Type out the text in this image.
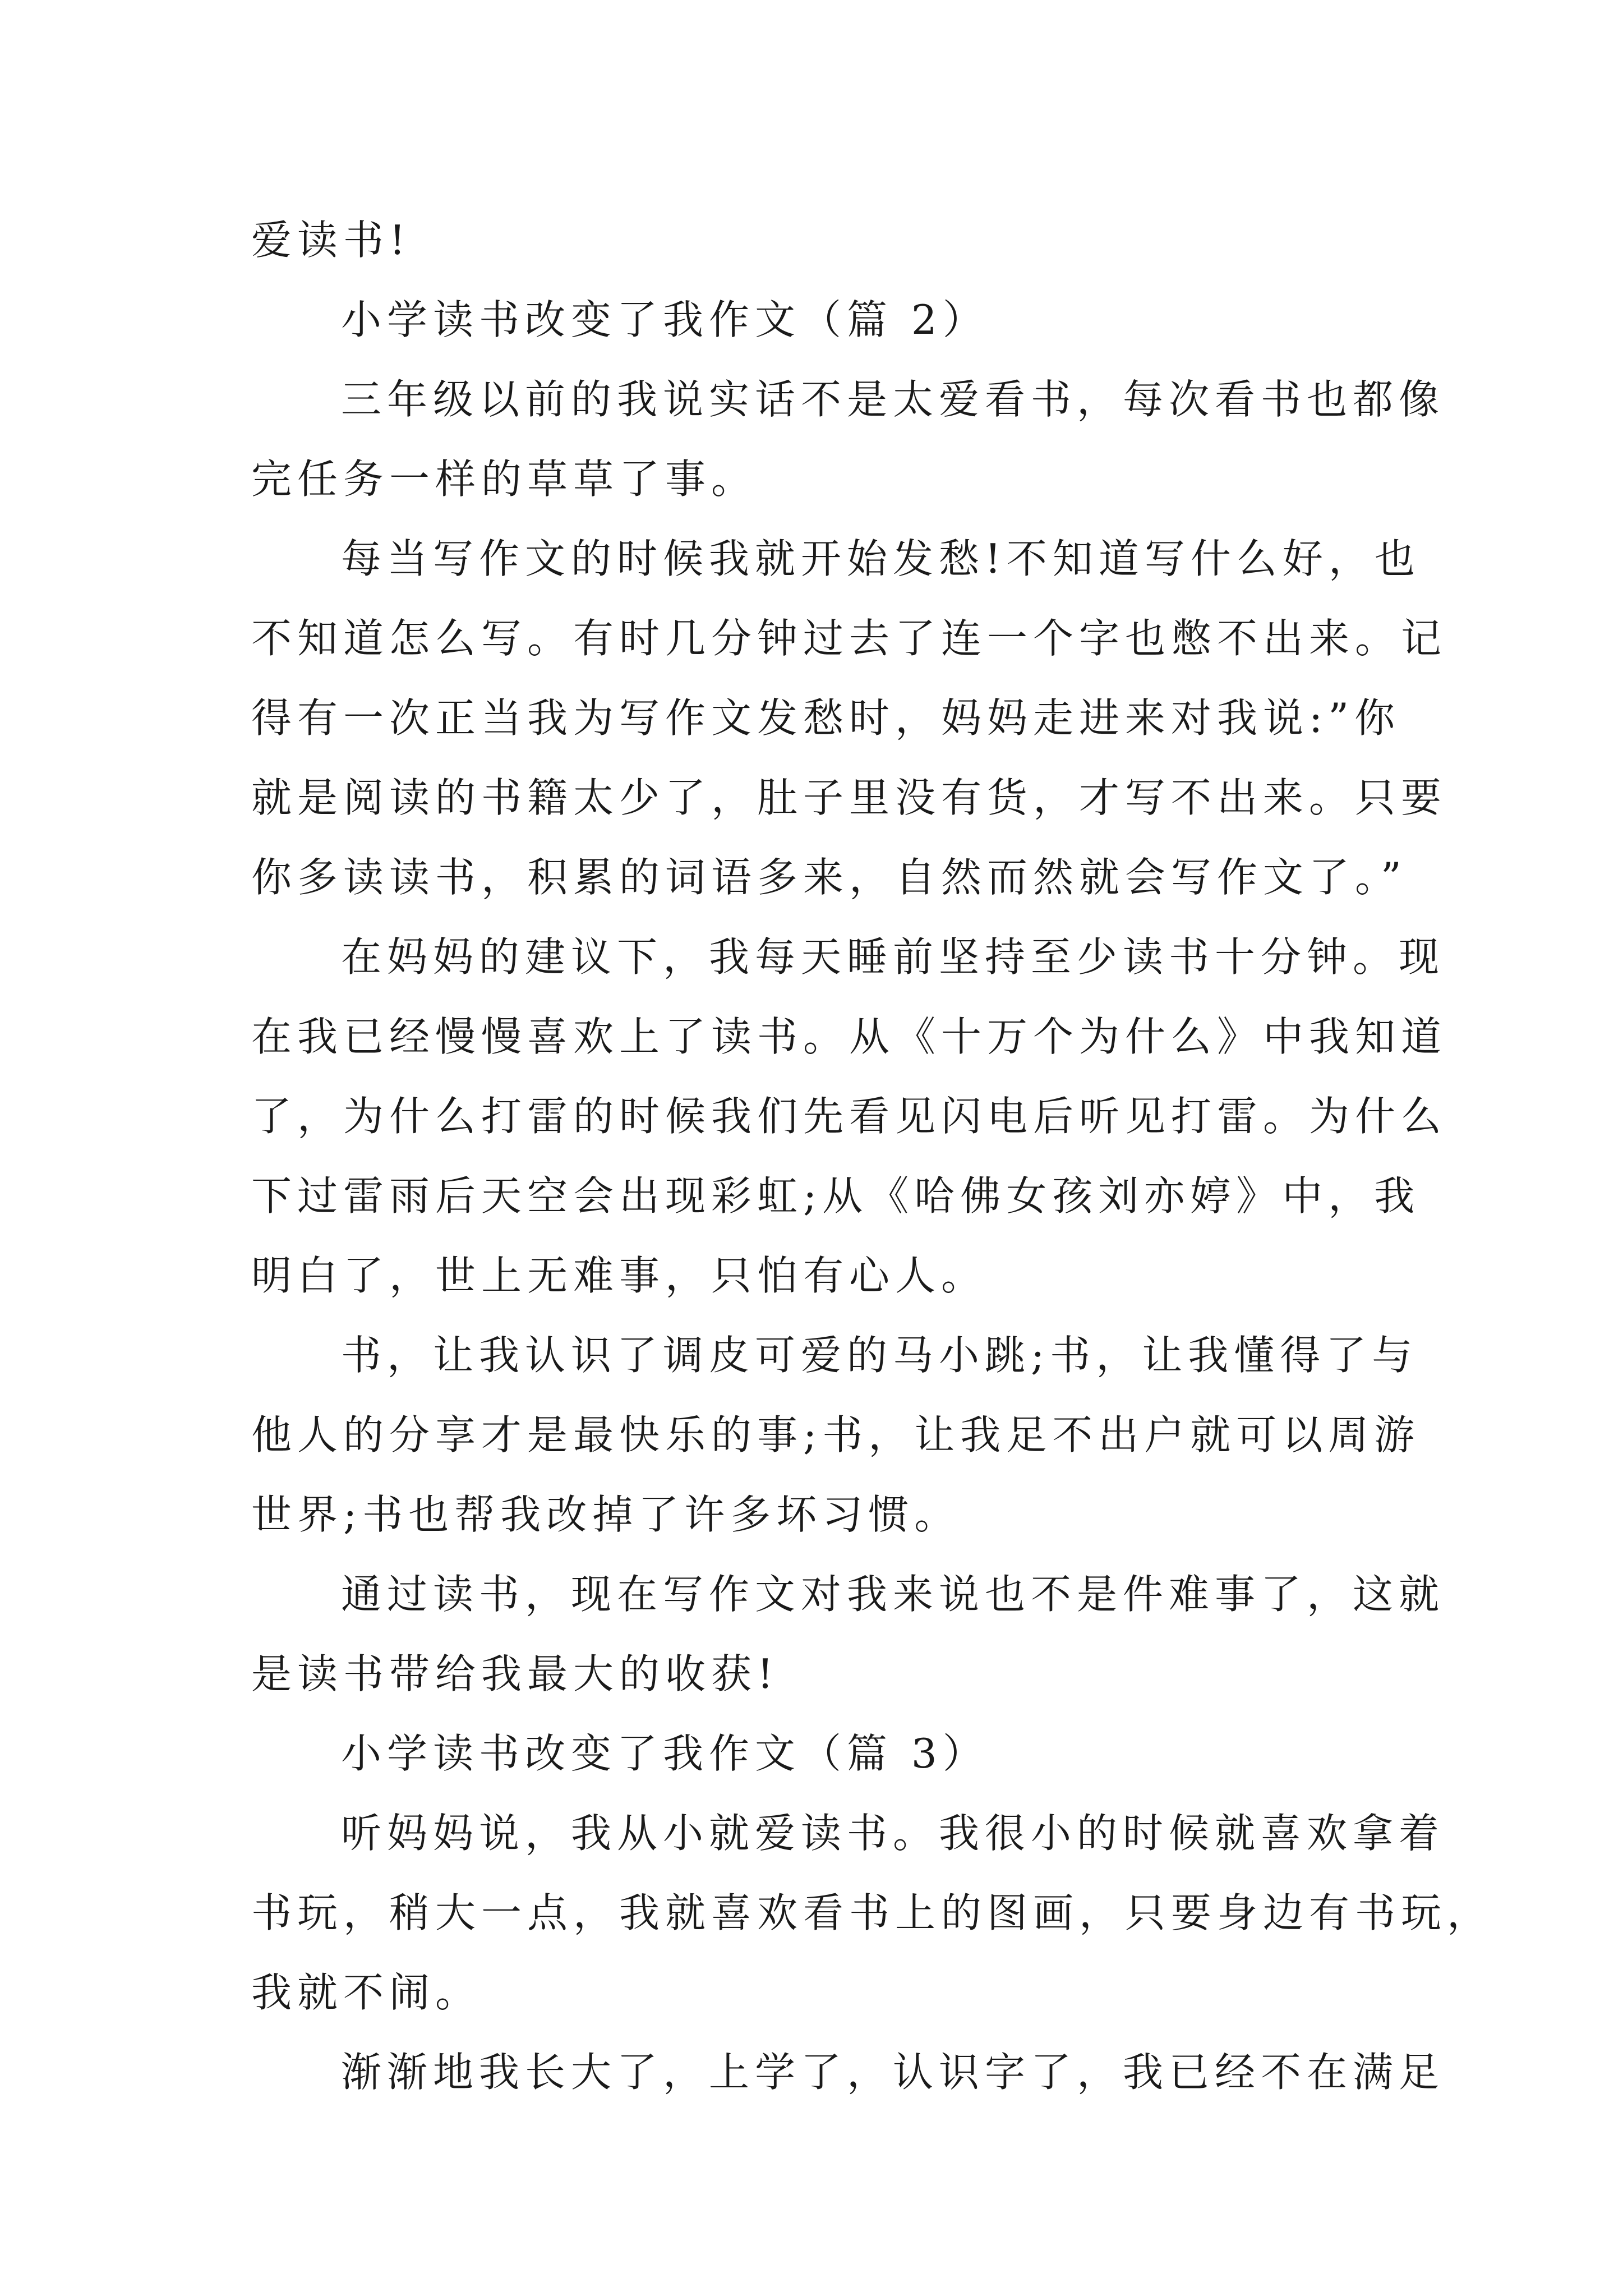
爱读书!

小学读书改变了我作文（篇 2）

三年级以前的我说实话不是太爱看书，每次看书也都像

完任务一样的草草了事。

每当写作文的时候我就开始发愁!不知道写什么好，也

不知道怎么写。有时几分钟过去了连一个字也憋不出来。记

得有一次正当我为写作文发愁时，妈妈走进来对我说:”你

就是阅读的书籍太少了，肚子里没有货，才写不出来。只要

你多读读书，积累的词语多来，自然而然就会写作文了。”

在妈妈的建议下，我每天睡前坚持至少读书十分钟。现

在我已经慢慢喜欢上了读书。从《十万个为什么》中我知道

了，为什么打雷的时候我们先看见闪电后听见打雷。为什么

下过雷雨后天空会出现彩虹;从《哈佛女孩刘亦婷》中，我

明白了，世上无难事，只怕有心人。

书，让我认识了调皮可爱的马小跳;书，让我懂得了与

他人的分享才是最快乐的事;书，让我足不出户就可以周游

世界;书也帮我改掉了许多坏习惯。

通过读书，现在写作文对我来说也不是件难事了，这就

是读书带给我最大的收获!

小学读书改变了我作文（篇 3）

听妈妈说，我从小就爱读书。我很小的时候就喜欢拿着

书玩，稍大一点，我就喜欢看书上的图画，只要身边有书玩，

我就不闹。

渐渐地我长大了，上学了，认识字了，我已经不在满足
